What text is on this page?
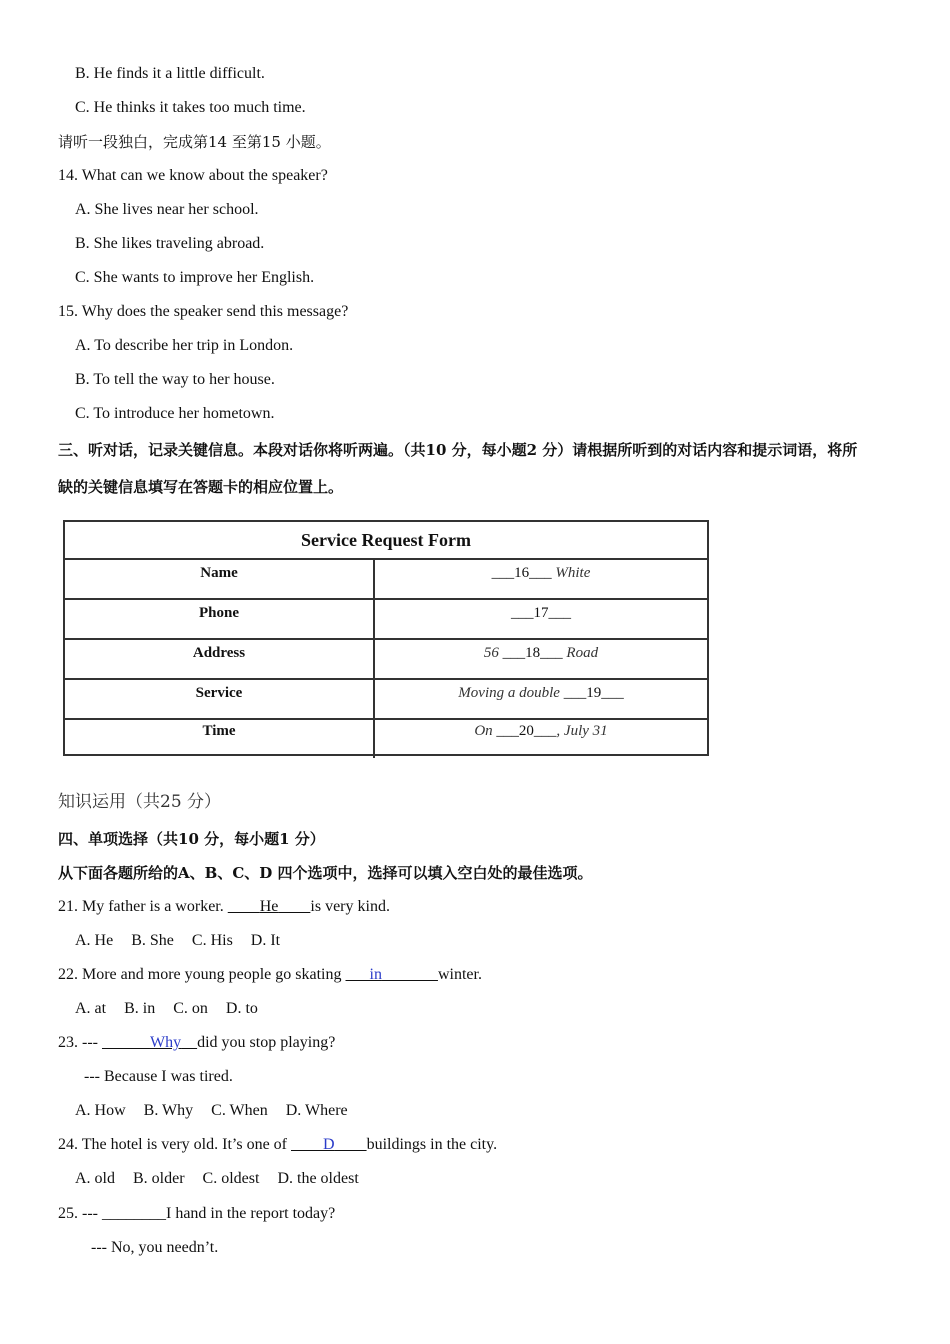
B. He finds it a little difficult.
C. He thinks it takes too much time.
请听一段独白，完成第14 至第15 小题。
14. What can we know about the speaker?
A. She lives near her school.
B. She likes traveling abroad.
C. She wants to improve her English.
15. Why does the speaker send this message?
A. To describe her trip in London.
B. To tell the way to her house.
C. To introduce her hometown.
三、听对话，记录关键信息。本段对话你将听两遍。（共10 分，每小题2 分）请根据所听到的对话内容和提示词语，将所
缺的关键信息填写在答题卡的相应位置上。
Service Request Form
Name	___16___ White
Phone	___17___
Address	56 ___18___ Road
Service	Moving a double ___19___
Time	On ___20___, July 31
知识运用（共25 分）
四、单项选择（共10 分，每小题1 分）
从下面各题所给的A、B、C、D 四个选项中，选择可以填入空白处的最佳选项。
21. My father is a worker. He is very kind.
A. He B. She C. His D. It
22. More and more young people go skating in	winter.
A. at B. in C. on D. to
23. ---	Why did you stop playing?
--- Because I was tired.
A. How B. Why C. When D. Where
24. The hotel is very old. It’s one of D buildings in the city.
A. old B. older C. oldest D. the oldest
25. --- ________I hand in the report today?
--- No, you needn’t.
